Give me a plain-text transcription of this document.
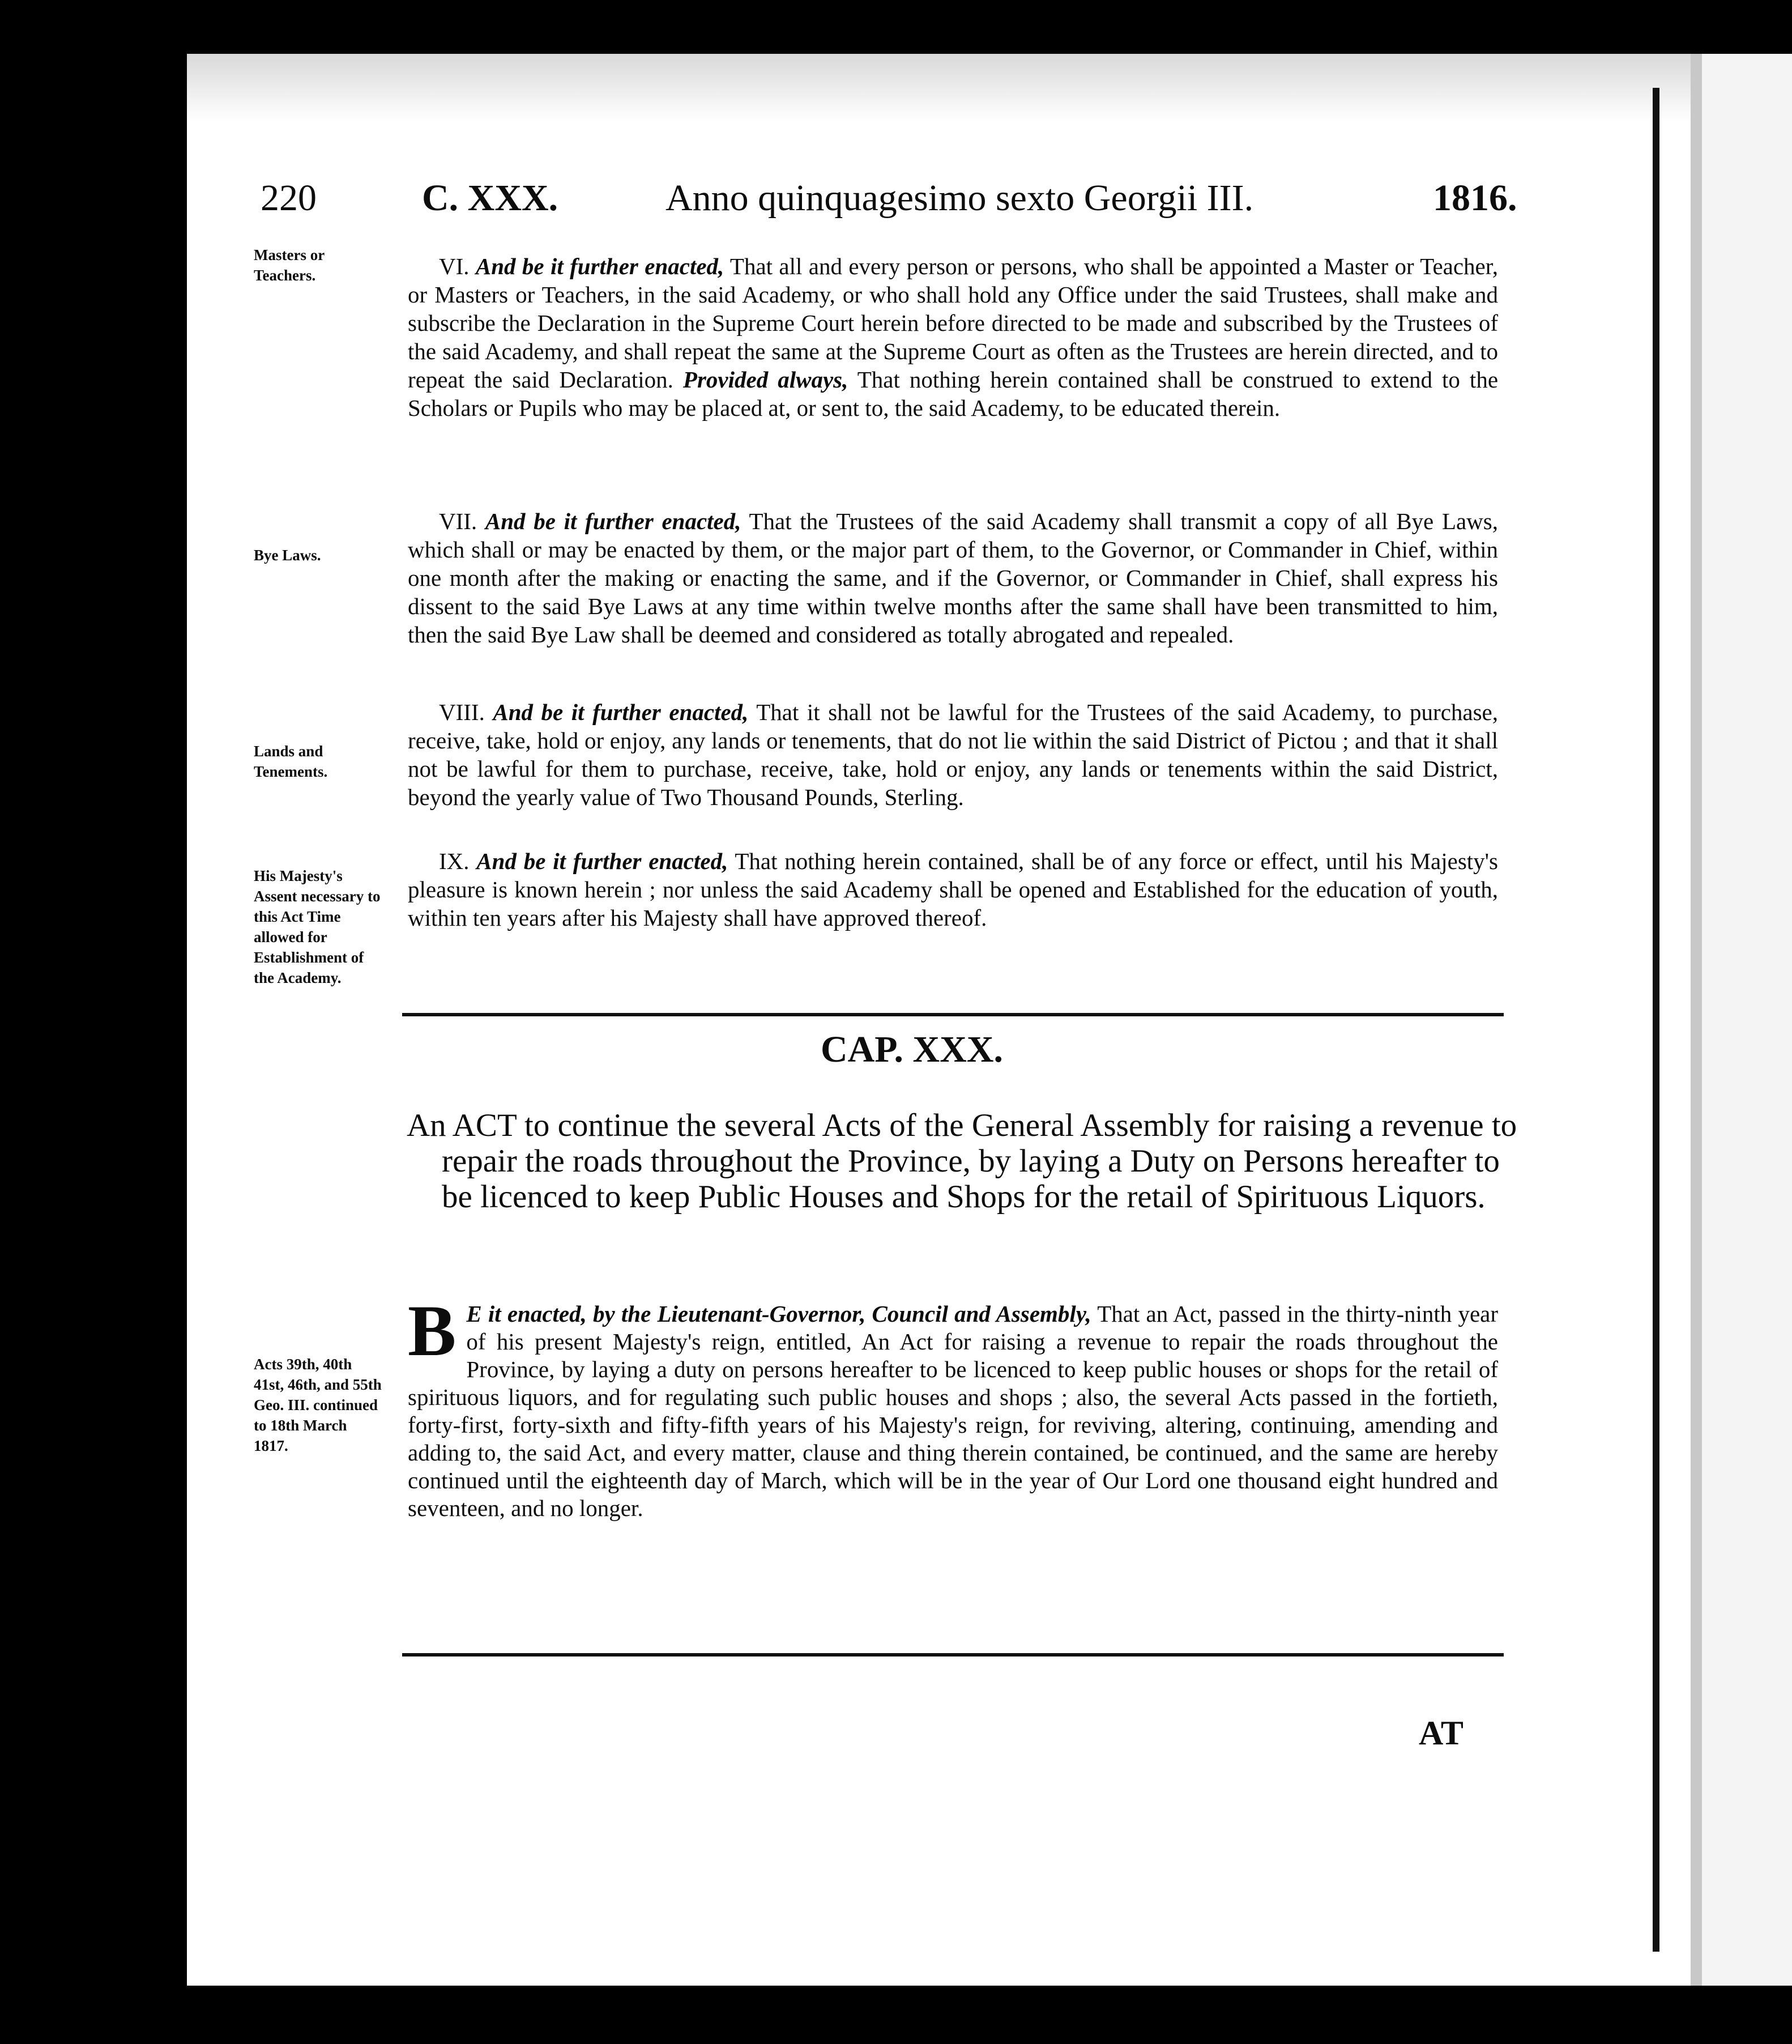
220	C. XXX.	Anno quinquagesimo sexto Georgii III.	1816.
Masters or Teachers.
Bye Laws.
Lands and Tenements.
His Majesty's Assent necessary to this Act Time allowed for Establishment of the Academy.
Acts 39th, 40th 41st, 46th, and 55th Geo. III. continued to 18th March 1817.

VI. And be it further enacted, That all and every person or persons, who shall be appointed a Master or Teacher, or Masters or Teachers, in the said Academy, or who shall hold any Office under the said Trustees, shall make and subscribe the Declaration in the Supreme Court herein before directed to be made and subscribed by the Trustees of the said Academy, and shall repeat the same at the Supreme Court as often as the Trustees are herein directed, and to repeat the said Declaration. Provided always, That nothing herein contained shall be construed to extend to the Scholars or Pupils who may be placed at, or sent to, the said Academy, to be educated therein.

VII. And be it further enacted, That the Trustees of the said Academy shall transmit a copy of all Bye Laws, which shall or may be enacted by them, or the major part of them, to the Governor, or Commander in Chief, within one month after the making or enacting the same, and if the Governor, or Commander in Chief, shall express his dissent to the said Bye Laws at any time within twelve months after the same shall have been transmitted to him, then the said Bye Law shall be deemed and considered as totally abrogated and repealed.

VIII. And be it further enacted, That it shall not be lawful for the Trustees of the said Academy, to purchase, receive, take, hold or enjoy, any lands or tenements, that do not lie within the said District of Pictou ; and that it shall not be lawful for them to purchase, receive, take, hold or enjoy, any lands or tenements within the said District, beyond the yearly value of Two Thousand Pounds, Sterling.

IX. And be it further enacted, That nothing herein contained, shall be of any force or effect, until his Majesty's pleasure is known herein ; nor unless the said Academy shall be opened and Established for the education of youth, within ten years after his Majesty shall have approved thereof.

CAP. XXX.
An ACT to continue the several Acts of the General Assembly for raising a revenue to repair the roads throughout the Province, by laying a Duty on Persons hereafter to be licenced to keep Public Houses and Shops for the retail of Spirituous Liquors.
B E it enacted, by the Lieutenant-Governor, Council and Assembly, That an Act, passed in the thirty-ninth year of his present Majesty's reign, entitled, An Act for raising a revenue to repair the roads throughout the Province, by laying a duty on persons hereafter to be licenced to keep public houses or shops for the retail of spirituous liquors, and for regulating such public houses and shops ; also, the several Acts passed in the fortieth, forty-first, forty-sixth and fifty-fifth years of his Majesty's reign, for reviving, altering, continuing, amending and adding to, the said Act, and every matter, clause and thing therein contained, be continued, and the same are hereby continued until the eighteenth day of March, which will be in the year of Our Lord one thousand eight hundred and seventeen, and no longer.
AT
